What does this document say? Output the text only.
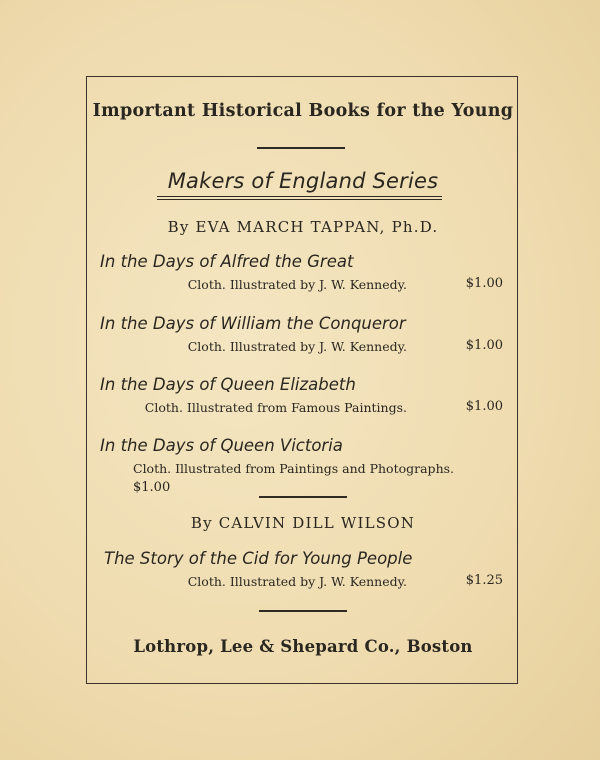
Important Historical Books for the Young
Makers of England Series
By EVA MARCH TAPPAN, Ph.D.
In the Days of Alfred the Great
Cloth. Illustrated by J. W. Kennedy.	$1.00
In the Days of William the Conqueror
Cloth. Illustrated by J. W. Kennedy.	$1.00
In the Days of Queen Elizabeth
Cloth. Illustrated from Famous Paintings.	$1.00
In the Days of Queen Victoria
Cloth. Illustrated from Paintings and Photographs.
$1.00
By CALVIN DILL WILSON
The Story of the Cid for Young People
Cloth. Illustrated by J. W. Kennedy.	$1.25
Lothrop, Lee & Shepard Co., Boston
